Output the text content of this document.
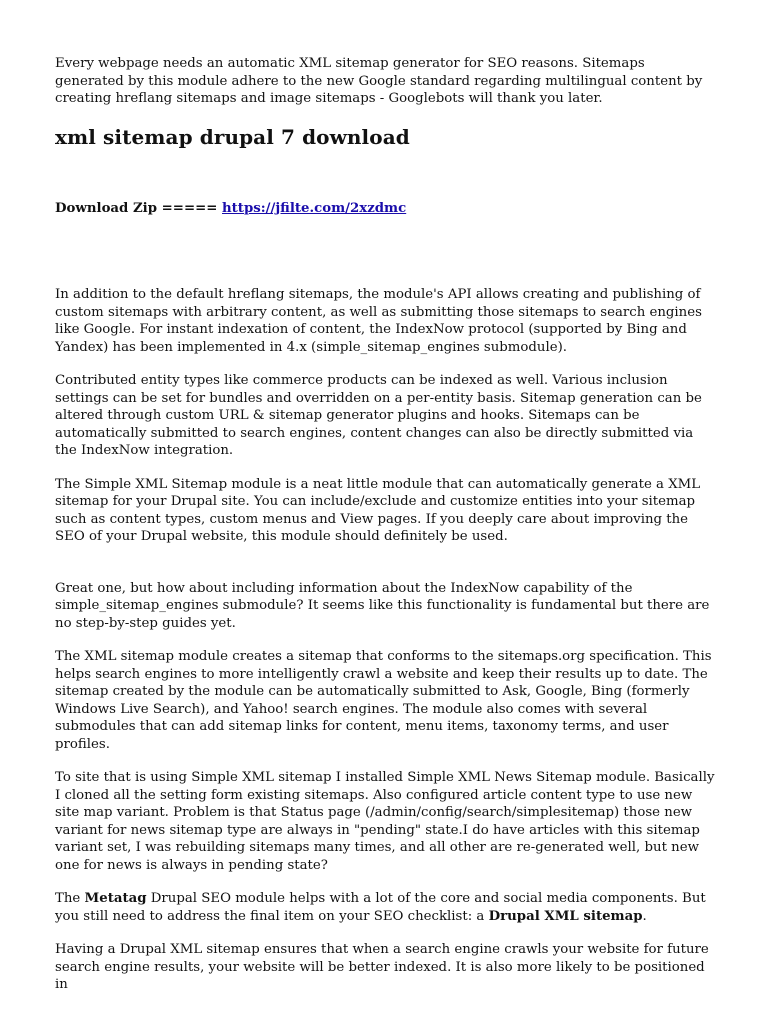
Every webpage needs an automatic XML sitemap generator for SEO reasons. Sitemaps generated by this module adhere to the new Google standard regarding multilingual content by creating hreflang sitemaps and image sitemaps - Googlebots will thank you later.

xml sitemap drupal 7 download

Download Zip ===== https://jfilte.com/2xzdmc

In addition to the default hreflang sitemaps, the module's API allows creating and publishing of custom sitemaps with arbitrary content, as well as submitting those sitemaps to search engines like Google. For instant indexation of content, the IndexNow protocol (supported by Bing and Yandex) has been implemented in 4.x (simple_sitemap_engines submodule).

Contributed entity types like commerce products can be indexed as well. Various inclusion settings can be set for bundles and overridden on a per-entity basis. Sitemap generation can be altered through custom URL & sitemap generator plugins and hooks. Sitemaps can be automatically submitted to search engines, content changes can also be directly submitted via the IndexNow integration.

The Simple XML Sitemap module is a neat little module that can automatically generate a XML sitemap for your Drupal site. You can include/exclude and customize entities into your sitemap such as content types, custom menus and View pages. If you deeply care about improving the SEO of your Drupal website, this module should definitely be used.

Great one, but how about including information about the IndexNow capability of the simple_sitemap_engines submodule? It seems like this functionality is fundamental but there are no step-by-step guides yet.

The XML sitemap module creates a sitemap that conforms to the sitemaps.org specification. This helps search engines to more intelligently crawl a website and keep their results up to date. The sitemap created by the module can be automatically submitted to Ask, Google, Bing (formerly Windows Live Search), and Yahoo! search engines. The module also comes with several submodules that can add sitemap links for content, menu items, taxonomy terms, and user profiles.

To site that is using Simple XML sitemap I installed Simple XML News Sitemap module. Basically I cloned all the setting form existing sitemaps. Also configured article content type to use new site map variant. Problem is that Status page (/admin/config/search/simplesitemap) those new variant for news sitemap type are always in "pending" state.I do have articles with this sitemap variant set, I was rebuilding sitemaps many times, and all other are re-generated well, but new one for news is always in pending state?

The Metatag Drupal SEO module helps with a lot of the core and social media components. But you still need to address the final item on your SEO checklist: a Drupal XML sitemap.

Having a Drupal XML sitemap ensures that when a search engine crawls your website for future search engine results, your website will be better indexed. It is also more likely to be positioned in
